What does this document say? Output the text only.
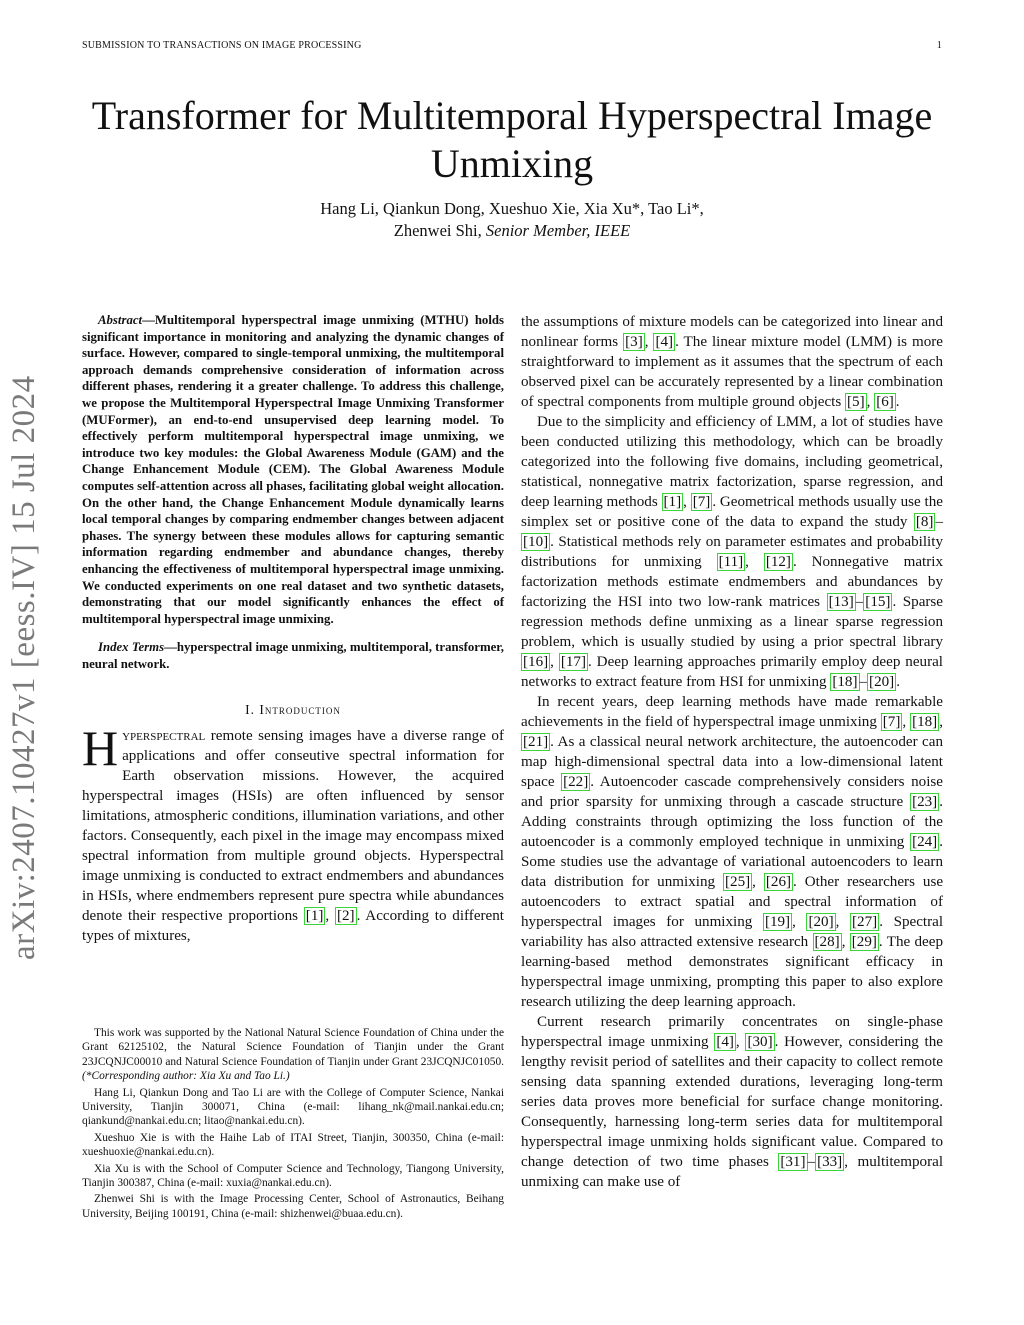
SUBMISSION TO TRANSACTIONS ON IMAGE PROCESSING	1
arXiv:2407.10427v1 [eess.IV] 15 Jul 2024
Transformer for Multitemporal Hyperspectral Image Unmixing
Hang Li, Qiankun Dong, Xueshuo Xie, Xia Xu*, Tao Li*,
Zhenwei Shi, Senior Member, IEEE

Abstract—Multitemporal hyperspectral image unmixing (MTHU) holds significant importance in monitoring and analyzing the dynamic changes of surface. However, compared to single-temporal unmixing, the multitemporal approach demands comprehensive consideration of information across different phases, rendering it a greater challenge. To address this challenge, we propose the Multitemporal Hyperspectral Image Unmixing Transformer (MUFormer), an end-to-end unsupervised deep learning model. To effectively perform multitemporal hyperspectral image unmixing, we introduce two key modules: the Global Awareness Module (GAM) and the Change Enhancement Module (CEM). The Global Awareness Module computes self-attention across all phases, facilitating global weight allocation. On the other hand, the Change Enhancement Module dynamically learns local temporal changes by comparing endmember changes between adjacent phases. The synergy between these modules allows for capturing semantic information regarding endmember and abundance changes, thereby enhancing the effectiveness of multitemporal hyperspectral image unmixing. We conducted experiments on one real dataset and two synthetic datasets, demonstrating that our model significantly enhances the effect of multitemporal hyperspectral image unmixing.

Index Terms—hyperspectral image unmixing, multitemporal, transformer, neural network.

I. Introduction

Hyperspectral remote sensing images have a diverse range of applications and offer conseutive spectral information for Earth observation missions. However, the acquired hyperspectral images (HSIs) are often influenced by sensor limitations, atmospheric conditions, illumination variations, and other factors. Consequently, each pixel in the image may encompass mixed spectral information from multiple ground objects. Hyperspectral image unmixing is conducted to extract endmembers and abundances in HSIs, where endmembers represent pure spectra while abundances denote their respective proportions [1] , [2] . According to different types of mixtures,

This work was supported by the National Natural Science Foundation of China under the Grant 62125102, the Natural Science Foundation of Tianjin under the Grant 23JCQNJC00010 and Natural Science Foundation of Tianjin under Grant 23JCQNJC01050. (*Corresponding author: Xia Xu and Tao Li.)

Hang Li, Qiankun Dong and Tao Li are with the College of Computer Science, Nankai University, Tianjin 300071, China (e-mail: lihang_nk@mail.nankai.edu.cn; qiankund@nankai.edu.cn; litao@nankai.edu.cn).

Xueshuo Xie is with the Haihe Lab of ITAI Street, Tianjin, 300350, China (e-mail: xueshuoxie@nankai.edu.cn).

Xia Xu is with the School of Computer Science and Technology, Tiangong University, Tianjin 300387, China (e-mail: xuxia@nankai.edu.cn).

Zhenwei Shi is with the Image Processing Center, School of Astronautics, Beihang University, Beijing 100191, China (e-mail: shizhenwei@buaa.edu.cn).

the assumptions of mixture models can be categorized into linear and nonlinear forms [3] , [4] . The linear mixture model (LMM) is more straightforward to implement as it assumes that the spectrum of each observed pixel can be accurately represented by a linear combination of spectral components from multiple ground objects [5] , [6] .

Due to the simplicity and efficiency of LMM, a lot of studies have been conducted utilizing this methodology, which can be broadly categorized into the following five domains, including geometrical, statistical, nonnegative matrix factorization, sparse regression, and deep learning methods [1] , [7] . Geometrical methods usually use the simplex set or positive cone of the data to expand the study [8] –[10] . Statistical methods rely on parameter estimates and probability distributions for unmixing [11] , [12] . Nonnegative matrix factorization methods estimate endmembers and abundances by factorizing the HSI into two low-rank matrices [13] – [15] . Sparse regression methods define unmixing as a linear sparse regression problem, which is usually studied by using a prior spectral library [16] , [17] . Deep learning approaches primarily employ deep neural networks to extract feature from HSI for unmixing [18] – [20] .

In recent years, deep learning methods have made remarkable achievements in the field of hyperspectral image unmixing [7] , [18] , [21] . As a classical neural network architecture, the autoencoder can map high-dimensional spectral data into a low-dimensional latent space [22] . Autoencoder cascade comprehensively considers noise and prior sparsity for unmixing through a cascade structure [23] . Adding constraints through optimizing the loss function of the autoencoder is a commonly employed technique in unmixing [24] . Some studies use the advantage of variational autoencoders to learn data distribution for unmixing [25] , [26] . Other researchers use autoencoders to extract spatial and spectral information of hyperspectral images for unmixing [19] , [20] , [27] . Spectral variability has also attracted extensive research [28] , [29] . The deep learning-based method demonstrates significant efficacy in hyperspectral image unmixing, prompting this paper to also explore research utilizing the deep learning approach.

Current research primarily concentrates on single-phase hyperspectral image unmixing [4] , [30] . However, considering the lengthy revisit period of satellites and their capacity to collect remote sensing data spanning extended durations, leveraging long-term series data proves more beneficial for surface change monitoring. Consequently, harnessing long-term series data for multitemporal hyperspectral image unmixing holds significant value. Compared to change detection of two time phases [31] – [33] , multitemporal unmixing can make use of
